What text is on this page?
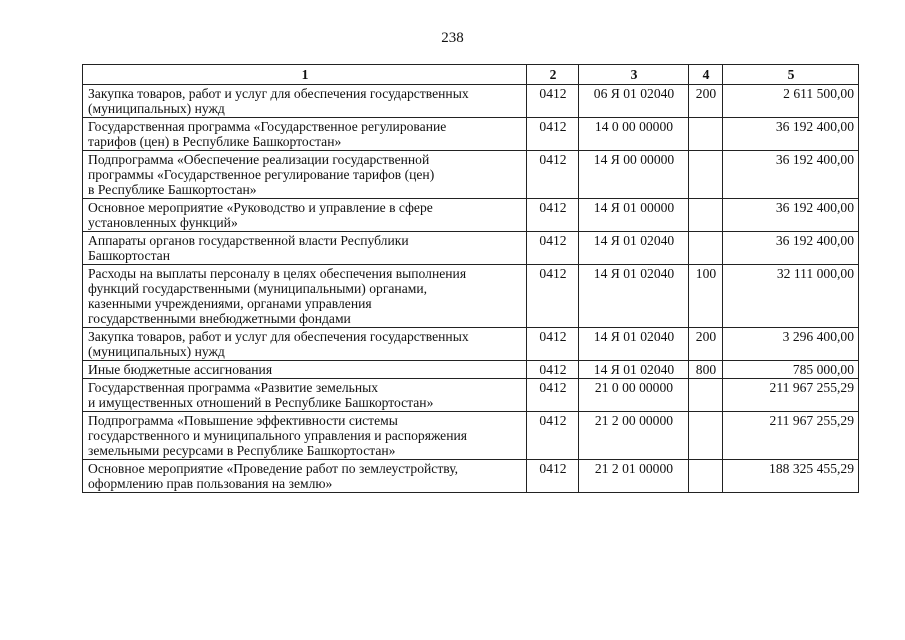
238
1	2	3	4	5

Закупка товаров, работ и услуг для обеспечения государственных
(муниципальных) нужд	0412	06 Я 01 02040	200	2 611 500,00

Государственная программа «Государственное регулирование
тарифов (цен) в Республике Башкортостан»	0412	14 0 00 00000		36 192 400,00

Подпрограмма «Обеспечение реализации государственной
программы «Государственное регулирование тарифов (цен)
в Республике Башкортостан»	0412	14 Я 00 00000		36 192 400,00

Основное мероприятие «Руководство и управление в сфере
установленных функций»	0412	14 Я 01 00000		36 192 400,00

Аппараты органов государственной власти Республики
Башкортостан	0412	14 Я 01 02040		36 192 400,00

Расходы на выплаты персоналу в целях обеспечения выполнения
функций государственными (муниципальными) органами,
казенными учреждениями, органами управления
государственными внебюджетными фондами	0412	14 Я 01 02040	100	32 111 000,00

Закупка товаров, работ и услуг для обеспечения государственных
(муниципальных) нужд	0412	14 Я 01 02040	200	3 296 400,00

Иные бюджетные ассигнования	0412	14 Я 01 02040	800	785 000,00

Государственная программа «Развитие земельных
и имущественных отношений в Республике Башкортостан»	0412	21 0 00 00000		211 967 255,29

Подпрограмма «Повышение эффективности системы
государственного и муниципального управления и распоряжения
земельными ресурсами в Республике Башкортостан»	0412	21 2 00 00000		211 967 255,29

Основное мероприятие «Проведение работ по землеустройству,
оформлению прав пользования на землю»	0412	21 2 01 00000		188 325 455,29
